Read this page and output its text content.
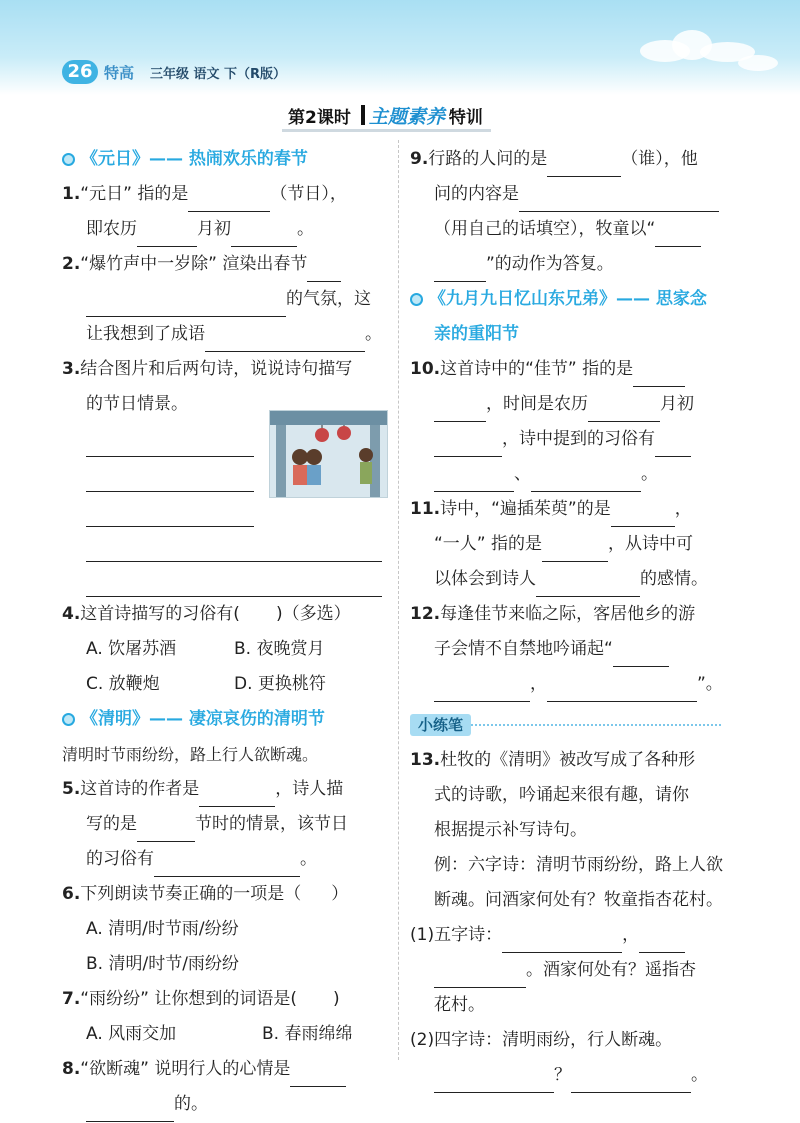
26 特高 三年级 语文 下（R版）
第2课时 主题素养 特训
《元日》—— 热闹欢乐的春节
1.“元日” 指的是	（节日），
即农历	月初	。
2.“爆竹声中一岁除” 渲染出春节
的气氛，这
让我想到了成语	。
3.结合图片和后两句诗，说说诗句描写
的节日情景。
4.这首诗描写的习俗有( )（多选）
A. 饮屠苏酒	B. 夜晚赏月
C. 放鞭炮	D. 更换桃符
《清明》—— 凄凉哀伤的清明节
清明时节雨纷纷，路上行人欲断魂。
5.这首诗的作者是	，诗人描
写的是	节时的情景，该节日
的习俗有	。
6.下列朗读节奏正确的一项是（ ）
A. 清明/时节雨/纷纷
B. 清明/时节/雨纷纷
7.“雨纷纷” 让你想到的词语是( )
A. 风雨交加	B. 春雨绵绵
8.“欲断魂” 说明行人的心情是
的。
9.行路的人问的是	（谁），他
问的内容是
（用自己的话填空），牧童以“
”的动作为答复。
《九月九日忆山东兄弟》—— 思家念
亲的重阳节
10.这首诗中的“佳节” 指的是
，时间是农历	月初
，诗中提到的习俗有
、	。
11.诗中，“遍插茱萸”的是	，
“一人” 指的是	，从诗中可
以体会到诗人	的感情。
12.每逢佳节来临之际，客居他乡的游
子会情不自禁地吟诵起“
，	”。
小练笔
13.杜牧的《清明》被改写成了各种形
式的诗歌，吟诵起来很有趣，请你
根据提示补写诗句。
例：六字诗：清明节雨纷纷，路上人欲
断魂。问酒家何处有？牧童指杏花村。
(1)五字诗：	，
。酒家何处有？遥指杏
花村。
(2)四字诗：清明雨纷，行人断魂。
？	。
